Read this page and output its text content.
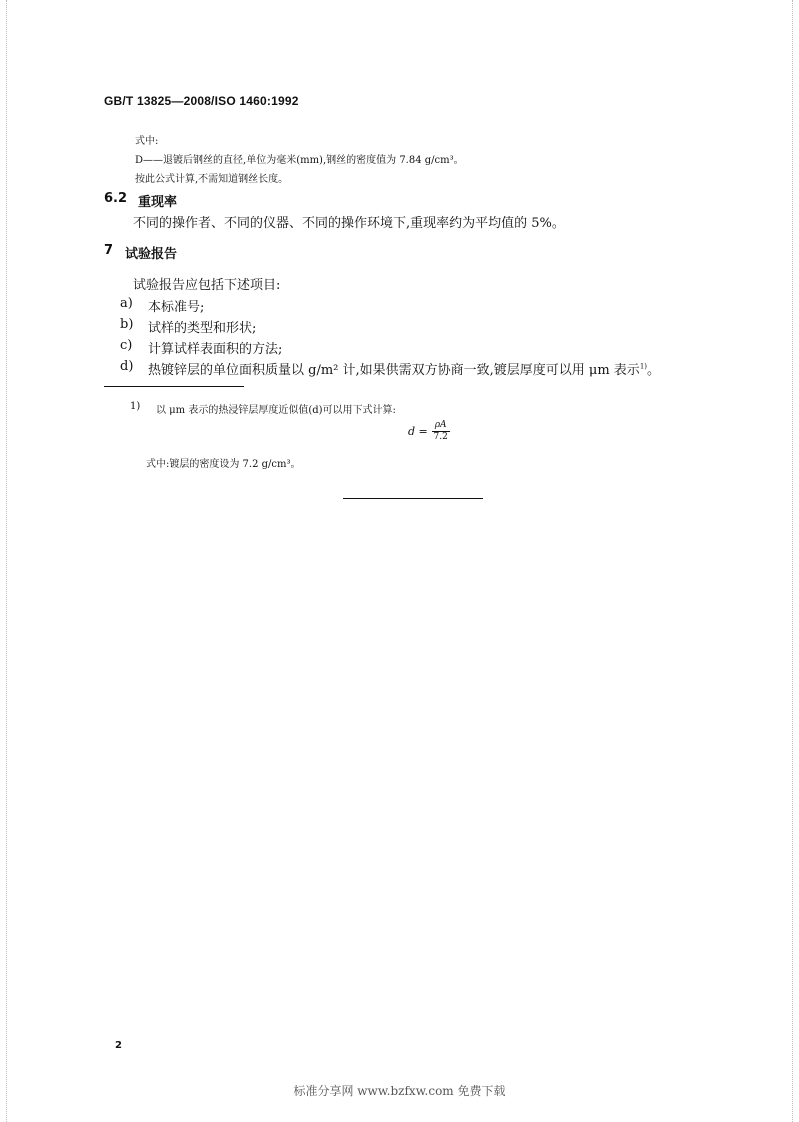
GB/T 13825—2008/ISO 1460:1992
式中:
D——退镀后钢丝的直径,单位为毫米(mm),钢丝的密度值为 7.84 g/cm³。
按此公式计算,不需知道钢丝长度。
6.2 重现率
不同的操作者、不同的仪器、不同的操作环境下,重现率约为平均值的 5%。
7 试验报告
试验报告应包括下述项目:
a) 本标准号;
b) 试样的类型和形状;
c) 计算试样表面积的方法;
d) 热镀锌层的单位面积质量以 g/m² 计,如果供需双方协商一致,镀层厚度可以用 μm 表示$^{1)}$。
1) 以 μm 表示的热浸锌层厚度近似值(d)可以用下式计算:
$d = \frac{\rho A}{7.2}$
式中:镀层的密度设为 7.2 g/cm³。
2
标准分享网 www.bzfxw.com 免费下载
